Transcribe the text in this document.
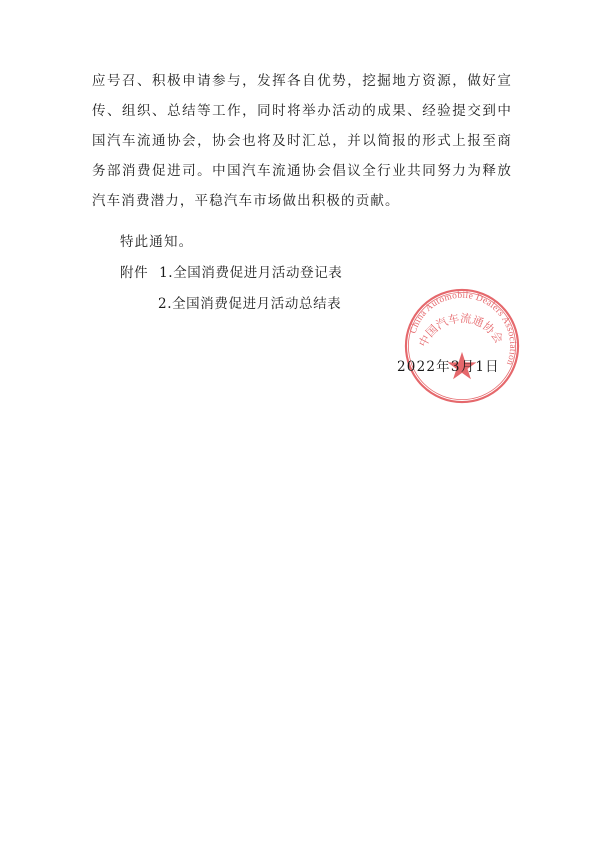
应号召、积极申请参与，发挥各自优势，挖掘地方资源，做好宣传、组织、总结等工作，同时将举办活动的成果、经验提交到中国汽车流通协会，协会也将及时汇总，并以简报的形式上报至商务部消费促进司。中国汽车流通协会倡议全行业共同努力为释放汽车消费潜力，平稳汽车市场做出积极的贡献。

特此通知。
附件 1.全国消费促进月活动登记表
2.全国消费促进月活动总结表
China Automobile Dealers Association
中国汽车流通协会
2022年3月1日
